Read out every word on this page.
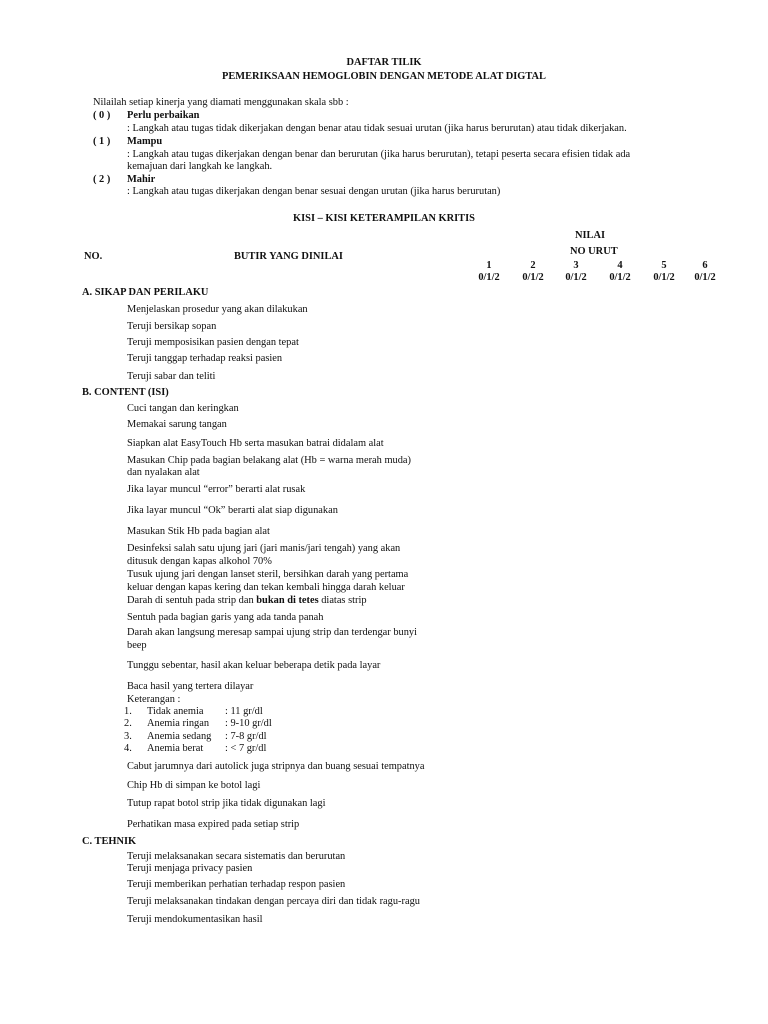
DAFTAR TILIK
PEMERIKSAAN HEMOGLOBIN DENGAN METODE ALAT DIGTAL
Nilailah setiap kinerja yang diamati menggunakan skala sbb :
( 0 ) Perlu perbaikan
: Langkah atau tugas tidak dikerjakan dengan benar atau tidak sesuai urutan (jika harus berurutan) atau tidak dikerjakan.
( 1 ) Mampu
: Langkah atau tugas dikerjakan dengan benar dan berurutan (jika harus berurutan), tetapi peserta secara efisien tidak ada
kemajuan dari langkah ke langkah.
( 2 ) Mahir
: Langkah atau tugas dikerjakan dengan benar sesuai dengan urutan (jika harus berurutan)
KISI – KISI KETERAMPILAN KRITIS
NILAI
NO.	BUTIR YANG DINILAI	NO URUT
1	2	3	4	5	6
0/1/2	0/1/2	0/1/2	0/1/2	0/1/2	0/1/2
A. SIKAP DAN PERILAKU
Menjelaskan prosedur yang akan dilakukan
Teruji bersikap sopan
Teruji memposisikan pasien dengan tepat
Teruji tanggap terhadap reaksi pasien
Teruji sabar dan teliti
B. CONTENT (ISI)
Cuci tangan dan keringkan
Memakai sarung tangan
Siapkan alat EasyTouch Hb serta masukan batrai didalam alat
Masukan Chip pada bagian belakang alat (Hb = warna merah muda)
dan nyalakan alat
Jika layar muncul “error” berarti alat rusak
Jika layar muncul “Ok” berarti alat siap digunakan
Masukan Stik Hb pada bagian alat
Desinfeksi salah satu ujung jari (jari manis/jari tengah) yang akan
ditusuk dengan kapas alkohol 70%
Tusuk ujung jari dengan lanset steril, bersihkan darah yang pertama
keluar dengan kapas kering dan tekan kembali hingga darah keluar
Darah di sentuh pada strip dan bukan di tetes diatas strip
Sentuh pada bagian garis yang ada tanda panah
Darah akan langsung meresap sampai ujung strip dan terdengar bunyi
beep
Tunggu sebentar, hasil akan keluar beberapa detik pada layar
Baca hasil yang tertera dilayar
Keterangan :
1. Tidak anemia : 11 gr/dl
2. Anemia ringan : 9-10 gr/dl
3. Anemia sedang : 7-8 gr/dl
4. Anemia berat : < 7 gr/dl
Cabut jarumnya dari autolick juga stripnya dan buang sesuai tempatnya
Chip Hb di simpan ke botol lagi
Tutup rapat botol strip jika tidak digunakan lagi
Perhatikan masa expired pada setiap strip
C. TEHNIK
Teruji melaksanakan secara sistematis dan berurutan
Teruji menjaga privacy pasien
Teruji memberikan perhatian terhadap respon pasien
Teruji melaksanakan tindakan dengan percaya diri dan tidak ragu-ragu
Teruji mendokumentasikan hasil
